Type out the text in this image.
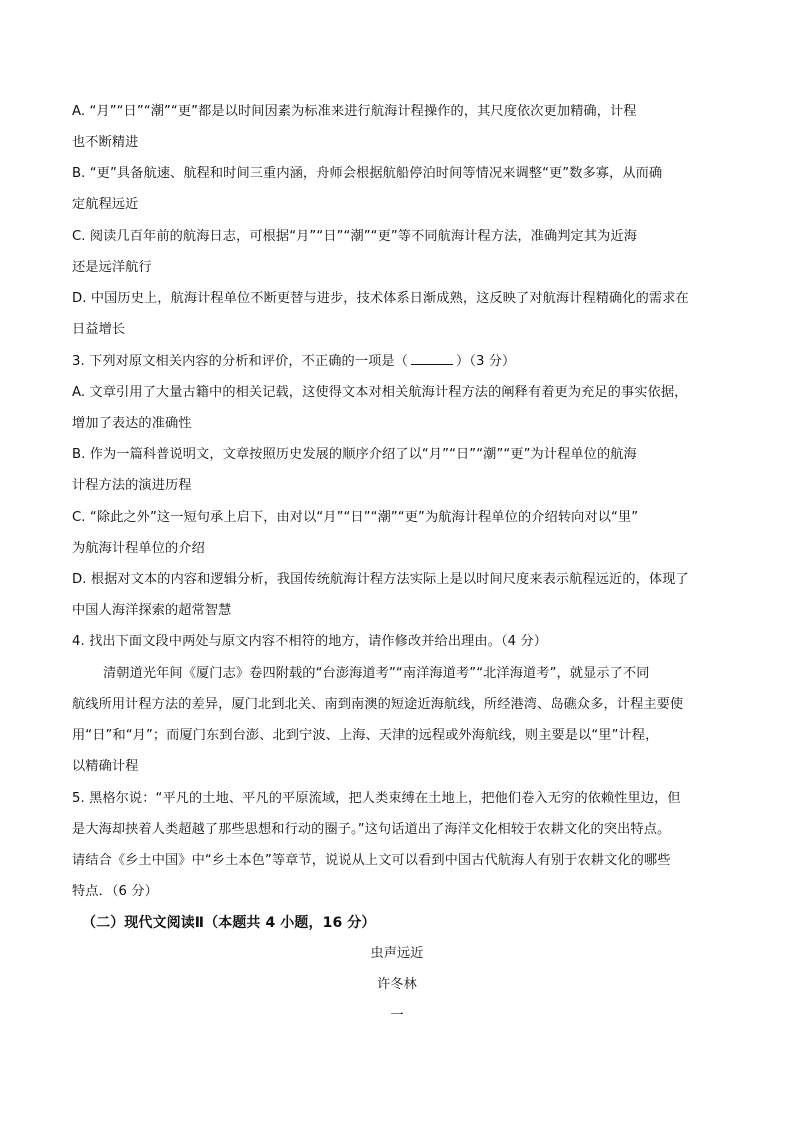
A. “月”“日”“潮”“更”都是以时间因素为标准来进行航海计程操作的，其尺度依次更加精确，计程
也不断精进
B. “更”具备航速、航程和时间三重内涵，舟师会根据航船停泊时间等情况来调整“更”数多寡，从而确
定航程远近
C. 阅读几百年前的航海日志，可根据“月”“日”“潮”“更”等不同航海计程方法，准确判定其为近海
还是远洋航行
D. 中国历史上，航海计程单位不断更替与进步，技术体系日渐成熟，这反映了对航海计程精确化的需求在
日益增长
3. 下列对原文相关内容的分析和评价，不正确的一项是（	）（3 分）
A. 文章引用了大量古籍中的相关记载，这使得文本对相关航海计程方法的阐释有着更为充足的事实依据，
增加了表达的准确性
B. 作为一篇科普说明文，文章按照历史发展的顺序介绍了以“月”“日”“潮”“更”为计程单位的航海
计程方法的演进历程
C. “除此之外”这一短句承上启下，由对以“月”“日”“潮”“更”为航海计程单位的介绍转向对以“里”
为航海计程单位的介绍
D. 根据对文本的内容和逻辑分析，我国传统航海计程方法实际上是以时间尺度来表示航程远近的，体现了
中国人海洋探索的超常智慧
4. 找出下面文段中两处与原文内容不相符的地方，请作修改并给出理由。（4 分）
清朝道光年间《厦门志》卷四附载的“台澎海道考”“南洋海道考”“北洋海道考”，就显示了不同
航线所用计程方法的差异，厦门北到北关、南到南澳的短途近海航线，所经港湾、岛礁众多，计程主要使
用“日”和“月”；而厦门东到台澎、北到宁波、上海、天津的远程或外海航线，则主要是以“里”计程，
以精确计程
5. 黑格尔说：“平凡的土地、平凡的平原流域，把人类束缚在土地上，把他们卷入无穷的依赖性里边，但
是大海却挟着人类超越了那些思想和行动的圈子。”这句话道出了海洋文化相较于农耕文化的突出特点。
请结合《乡土中国》中“乡土本色”等章节，说说从上文可以看到中国古代航海人有别于农耕文化的哪些
特点．（6 分）
（二）现代文阅读Ⅱ（本题共 4 小题，16 分）
虫声远近
许冬林
一
